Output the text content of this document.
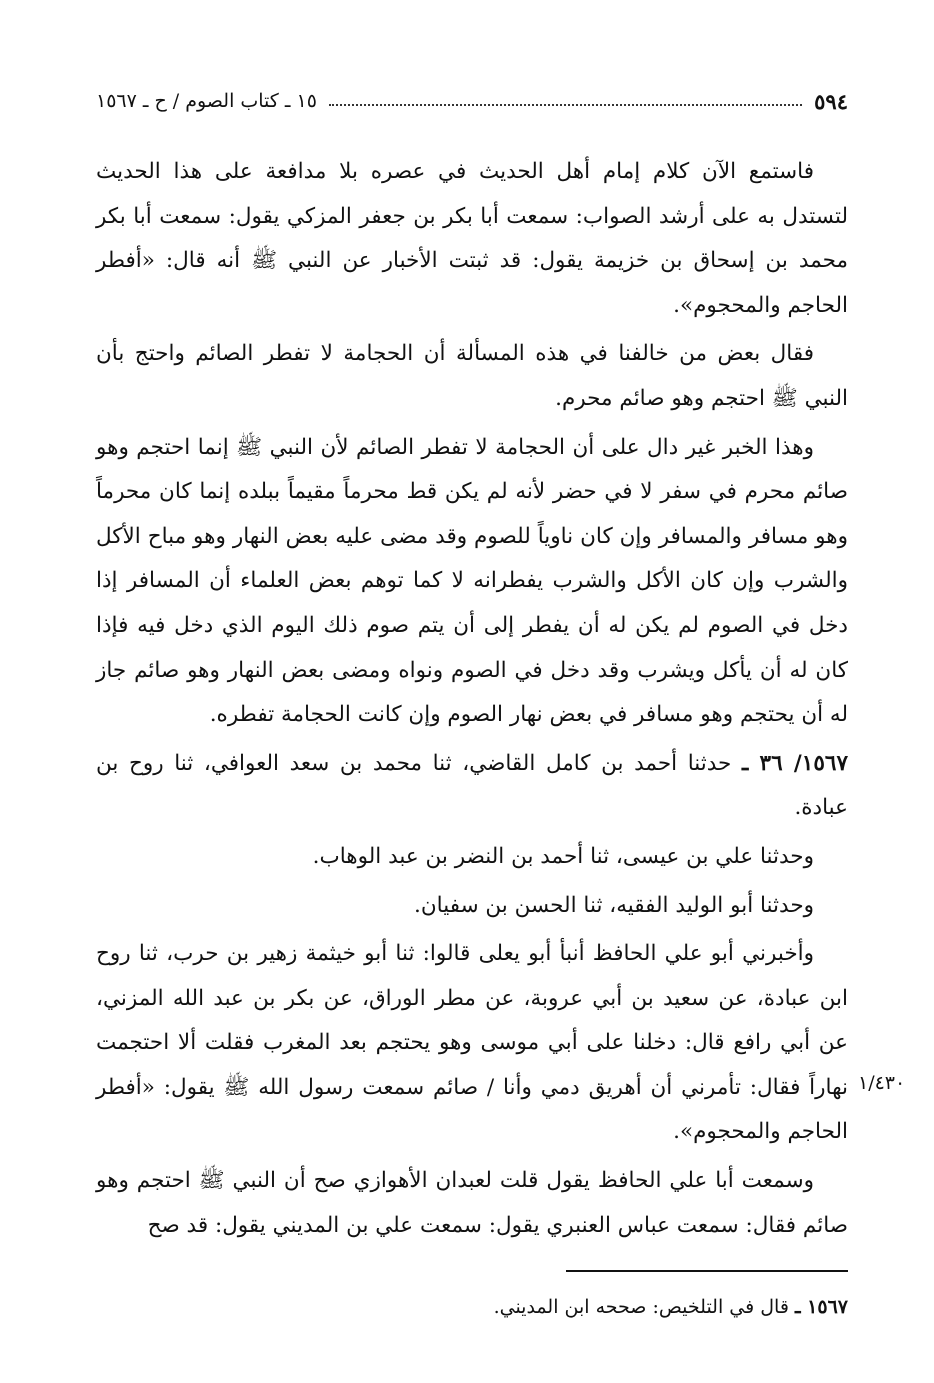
٥٩٤
١٥ ـ كتاب الصوم / ح ـ ١٥٦٧

فاستمع الآن كلام إمام أهل الحديث في عصره بلا مدافعة على هذا الحديث لتستدل به على أرشد الصواب: سمعت أبا بكر بن جعفر المزكي يقول: سمعت أبا بكر محمد بن إسحاق بن خزيمة يقول: قد ثبتت الأخبار عن النبي ﷺ أنه قال: «أفطر الحاجم والمحجوم».

فقال بعض من خالفنا في هذه المسألة أن الحجامة لا تفطر الصائم واحتج بأن النبي ﷺ احتجم وهو صائم محرم.

وهذا الخبر غير دال على أن الحجامة لا تفطر الصائم لأن النبي ﷺ إنما احتجم وهو صائم محرم في سفر لا في حضر لأنه لم يكن قط محرماً مقيماً ببلده إنما كان محرماً وهو مسافر والمسافر وإن كان ناوياً للصوم وقد مضى عليه بعض النهار وهو مباح الأكل والشرب وإن كان الأكل والشرب يفطرانه لا كما توهم بعض العلماء أن المسافر إذا دخل في الصوم لم يكن له أن يفطر إلى أن يتم صوم ذلك اليوم الذي دخل فيه فإذا كان له أن يأكل ويشرب وقد دخل في الصوم ونواه ومضى بعض النهار وهو صائم جاز له أن يحتجم وهو مسافر في بعض نهار الصوم وإن كانت الحجامة تفطره.

١٥٦٧/ ٣٦ ـ حدثنا أحمد بن كامل القاضي، ثنا محمد بن سعد العوافي، ثنا روح بن عبادة.

وحدثنا علي بن عيسى، ثنا أحمد بن النضر بن عبد الوهاب.

وحدثنا أبو الوليد الفقيه، ثنا الحسن بن سفيان.

وأخبرني أبو علي الحافظ أنبأ أبو يعلى قالوا: ثنا أبو خيثمة زهير بن حرب، ثنا روح ابن عبادة، عن سعيد بن أبي عروبة، عن مطر الوراق، عن بكر بن عبد الله المزني، عن أبي رافع قال: دخلنا على أبي موسى وهو يحتجم بعد المغرب فقلت ألا احتجمت نهاراً فقال: تأمرني أن أهريق دمي وأنا / صائم سمعت رسول الله ﷺ يقول: «أفطر الحاجم والمحجوم».

وسمعت أبا علي الحافظ يقول قلت لعبدان الأهوازي صح أن النبي ﷺ احتجم وهو صائم فقال: سمعت عباس العنبري يقول: سمعت علي بن المديني يقول: قد صح

١/٤٣٠
١٥٦٧ ـ قال في التلخيص: صححه ابن المديني.
